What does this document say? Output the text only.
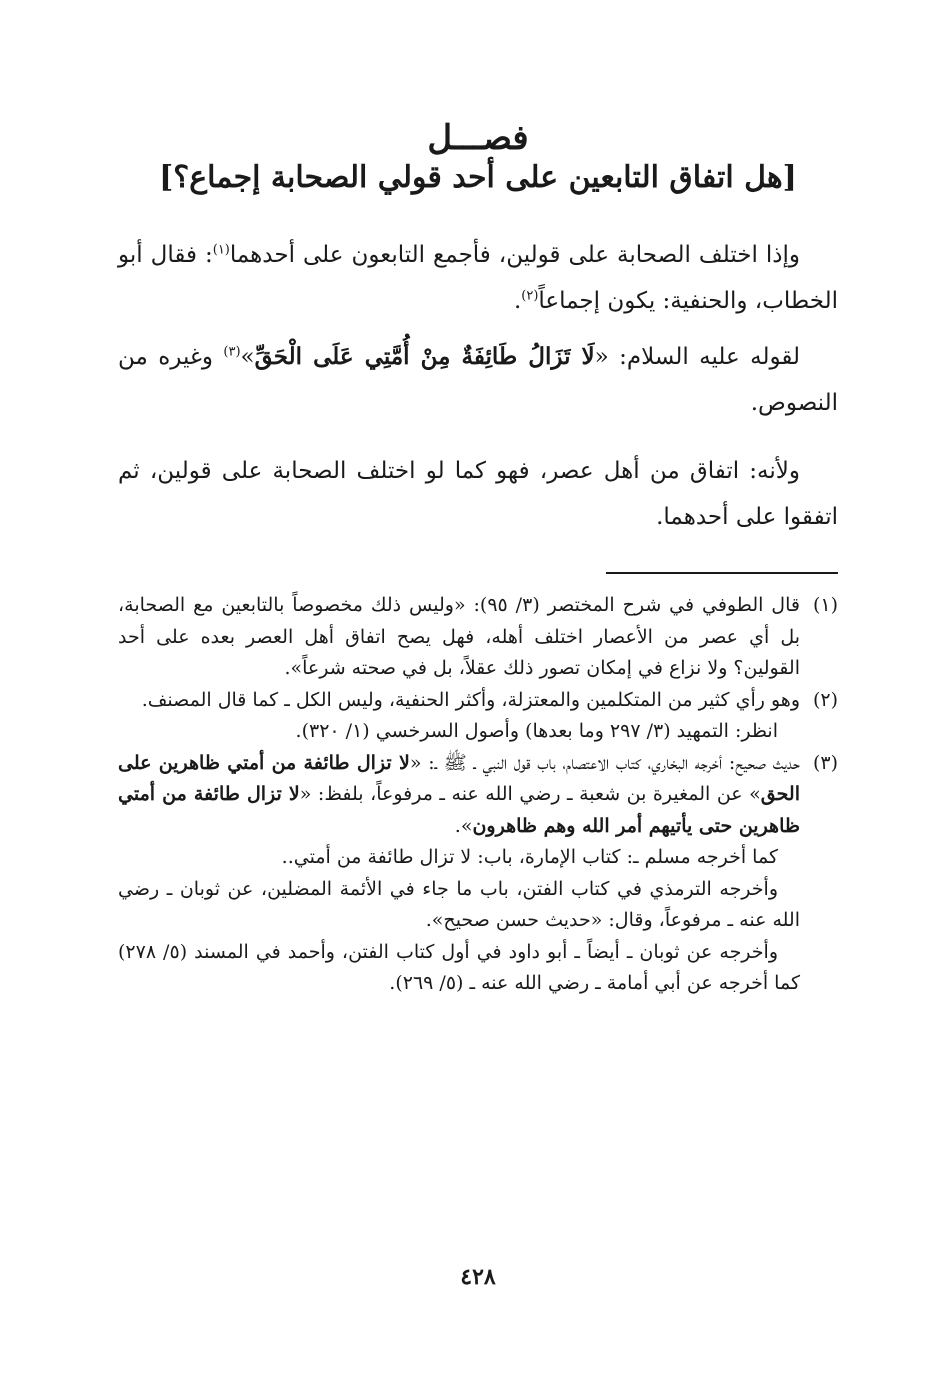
فصـــل
[هل اتفاق التابعين على أحد قولي الصحابة إجماع؟]

وإذا اختلف الصحابة على قولين، فأجمع التابعون على أحدهما$^{(١)}$: فقال أبو الخطاب، والحنفية: يكون إجماعاً$^{(٢)}$.

لقوله عليه السلام: «لَا تَزَالُ طَائِفَةٌ مِنْ أُمَّتِي عَلَى الْحَقِّ»$^{(٣)}$ وغيره من النصوص.

ولأنه: اتفاق من أهل عصر، فهو كما لو اختلف الصحابة على قولين، ثم اتفقوا على أحدهما.

(١)

قال الطوفي في شرح المختصر (٣/ ٩٥): «وليس ذلك مخصوصاً بالتابعين مع الصحابة، بل أي عصر من الأعصار اختلف أهله، فهل يصح اتفاق أهل العصر بعده على أحد القولين؟ ولا نزاع في إمكان تصور ذلك عقلاً، بل في صحته شرعاً».

(٢)

وهو رأي كثير من المتكلمين والمعتزلة، وأكثر الحنفية، وليس الكل ـ كما قال المصنف.

انظر: التمهيد (٣/ ٢٩٧ وما بعدها) وأصول السرخسي (١/ ٣٢٠).

(٣)

حديث صحيح: أخرجه البخاري، كتاب الاعتصام، باب قول النبي ـ ﷺ ـ: «لا تزال طائفة من أمتي ظاهرين على الحق» عن المغيرة بن شعبة ـ رضي الله عنه ـ مرفوعاً، بلفظ: «لا تزال طائفة من أمتي ظاهرين حتى يأتيهم أمر الله وهم ظاهرون».

كما أخرجه مسلم ـ: كتاب الإمارة، باب: لا تزال طائفة من أمتي..

وأخرجه الترمذي في كتاب الفتن، باب ما جاء في الأئمة المضلين، عن ثوبان ـ رضي الله عنه ـ مرفوعاً، وقال: «حديث حسن صحيح».

وأخرجه عن ثوبان ـ أيضاً ـ أبو داود في أول كتاب الفتن، وأحمد في المسند (٥/ ٢٧٨) كما أخرجه عن أبي أمامة ـ رضي الله عنه ـ (٥/ ٢٦٩).

٤٢٨
